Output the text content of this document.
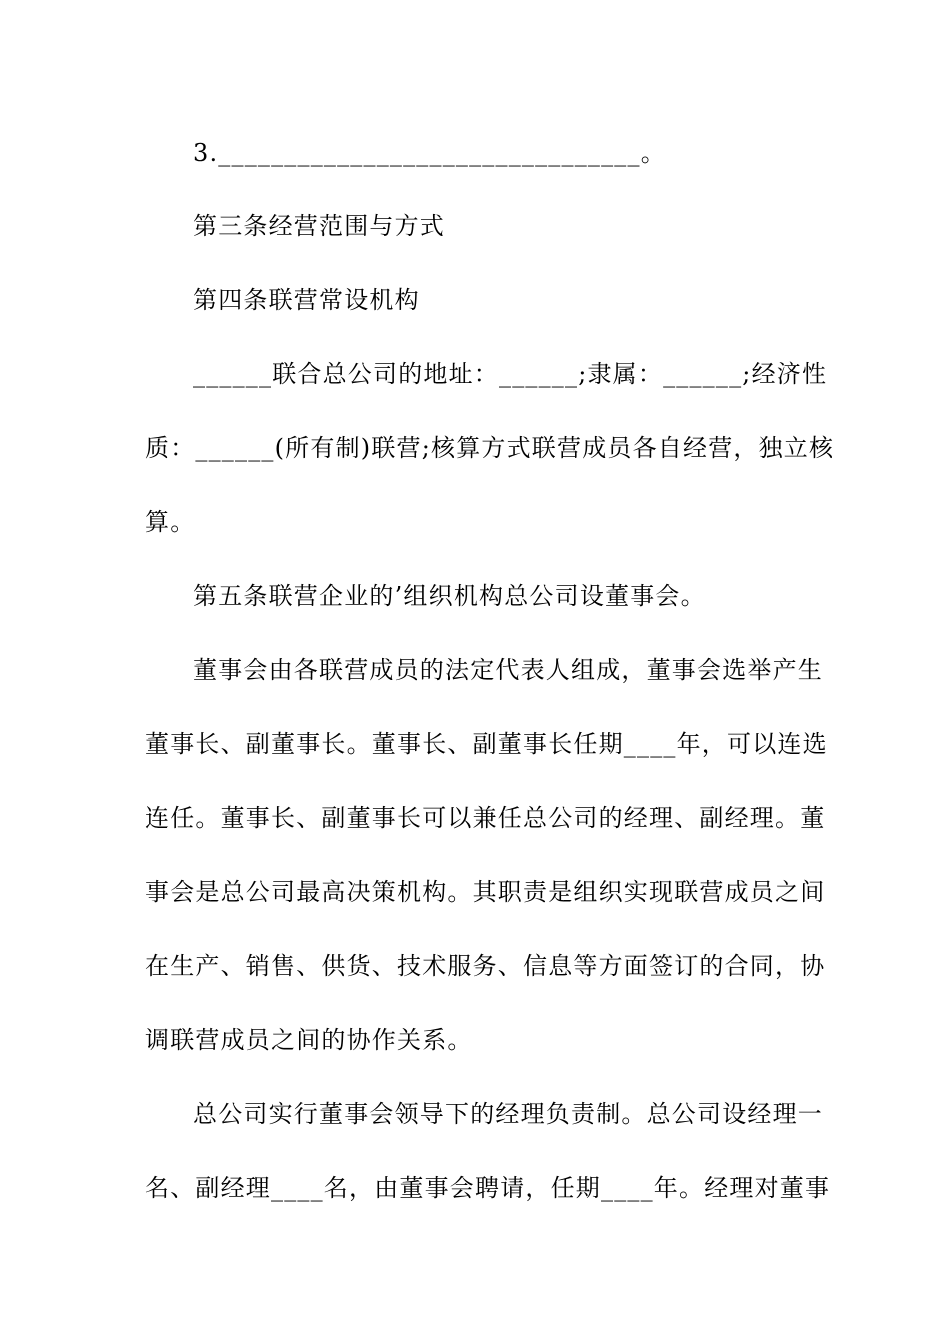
3.________________________________。
第三条经营范围与方式
第四条联营常设机构
______联合总公司的地址：______;隶属：______;经济性
质：______(所有制)联营;核算方式联营成员各自经营，独立核
算。
第五条联营企业的’组织机构总公司设董事会。
董事会由各联营成员的法定代表人组成，董事会选举产生
董事长、副董事长。董事长、副董事长任期____年，可以连选
连任。董事长、副董事长可以兼任总公司的经理、副经理。董
事会是总公司最高决策机构。其职责是组织实现联营成员之间
在生产、销售、供货、技术服务、信息等方面签订的合同，协
调联营成员之间的协作关系。
总公司实行董事会领导下的经理负责制。总公司设经理一
名、副经理____名，由董事会聘请，任期____年。经理对董事
